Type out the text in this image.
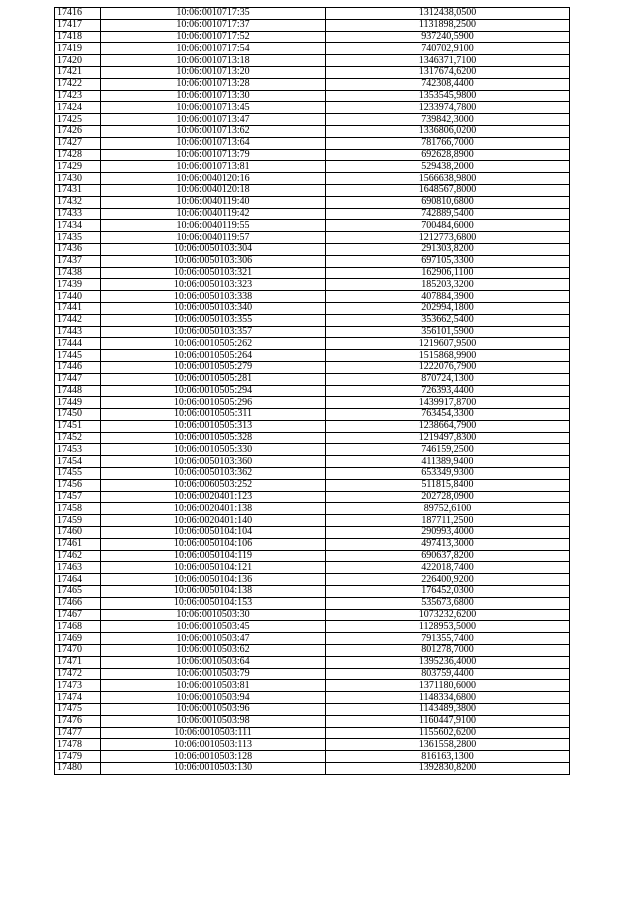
17416	10:06:0010717:35	1312438,0500
17417	10:06:0010717:37	1131898,2500
17418	10:06:0010717:52	937240,5900
17419	10:06:0010717:54	740702,9100
17420	10:06:0010713:18	1346371,7100
17421	10:06:0010713:20	1317674,6200
17422	10:06:0010713:28	742308,4400
17423	10:06:0010713:30	1353545,9800
17424	10:06:0010713:45	1233974,7800
17425	10:06:0010713:47	739842,3000
17426	10:06:0010713:62	1336806,0200
17427	10:06:0010713:64	781766,7000
17428	10:06:0010713:79	692628,8900
17429	10:06:0010713:81	529438,2000
17430	10:06:0040120:16	1566638,9800
17431	10:06:0040120:18	1648567,8000
17432	10:06:0040119:40	690810,6800
17433	10:06:0040119:42	742889,5400
17434	10:06:0040119:55	700484,6000
17435	10:06:0040119:57	1212773,6800
17436	10:06:0050103:304	291303,8200
17437	10:06:0050103:306	697105,3300
17438	10:06:0050103:321	162906,1100
17439	10:06:0050103:323	185203,3200
17440	10:06:0050103:338	407884,3900
17441	10:06:0050103:340	202994,1800
17442	10:06:0050103:355	353662,5400
17443	10:06:0050103:357	356101,5900
17444	10:06:0010505:262	1219607,9500
17445	10:06:0010505:264	1515868,9900
17446	10:06:0010505:279	1222076,7900
17447	10:06:0010505:281	870724,1300
17448	10:06:0010505:294	726393,4400
17449	10:06:0010505:296	1439917,8700
17450	10:06:0010505:311	763454,3300
17451	10:06:0010505:313	1238664,7900
17452	10:06:0010505:328	1219497,8300
17453	10:06:0010505:330	746159,2500
17454	10:06:0050103:360	411389,9400
17455	10:06:0050103:362	653349,9300
17456	10:06:0060503:252	511815,8400
17457	10:06:0020401:123	202728,0900
17458	10:06:0020401:138	89752,6100
17459	10:06:0020401:140	187711,2500
17460	10:06:0050104:104	290993,4000
17461	10:06:0050104:106	497413,3000
17462	10:06:0050104:119	690637,8200
17463	10:06:0050104:121	422018,7400
17464	10:06:0050104:136	226400,9200
17465	10:06:0050104:138	176452,0300
17466	10:06:0050104:153	535673,6800
17467	10:06:0010503:30	1073232,6200
17468	10:06:0010503:45	1128953,5000
17469	10:06:0010503:47	791355,7400
17470	10:06:0010503:62	801278,7000
17471	10:06:0010503:64	1395236,4000
17472	10:06:0010503:79	803759,4400
17473	10:06:0010503:81	1371180,6000
17474	10:06:0010503:94	1148334,6800
17475	10:06:0010503:96	1143489,3800
17476	10:06:0010503:98	1160447,9100
17477	10:06:0010503:111	1155602,6200
17478	10:06:0010503:113	1361558,2800
17479	10:06:0010503:128	816163,1300
17480	10:06:0010503:130	1392830,8200
